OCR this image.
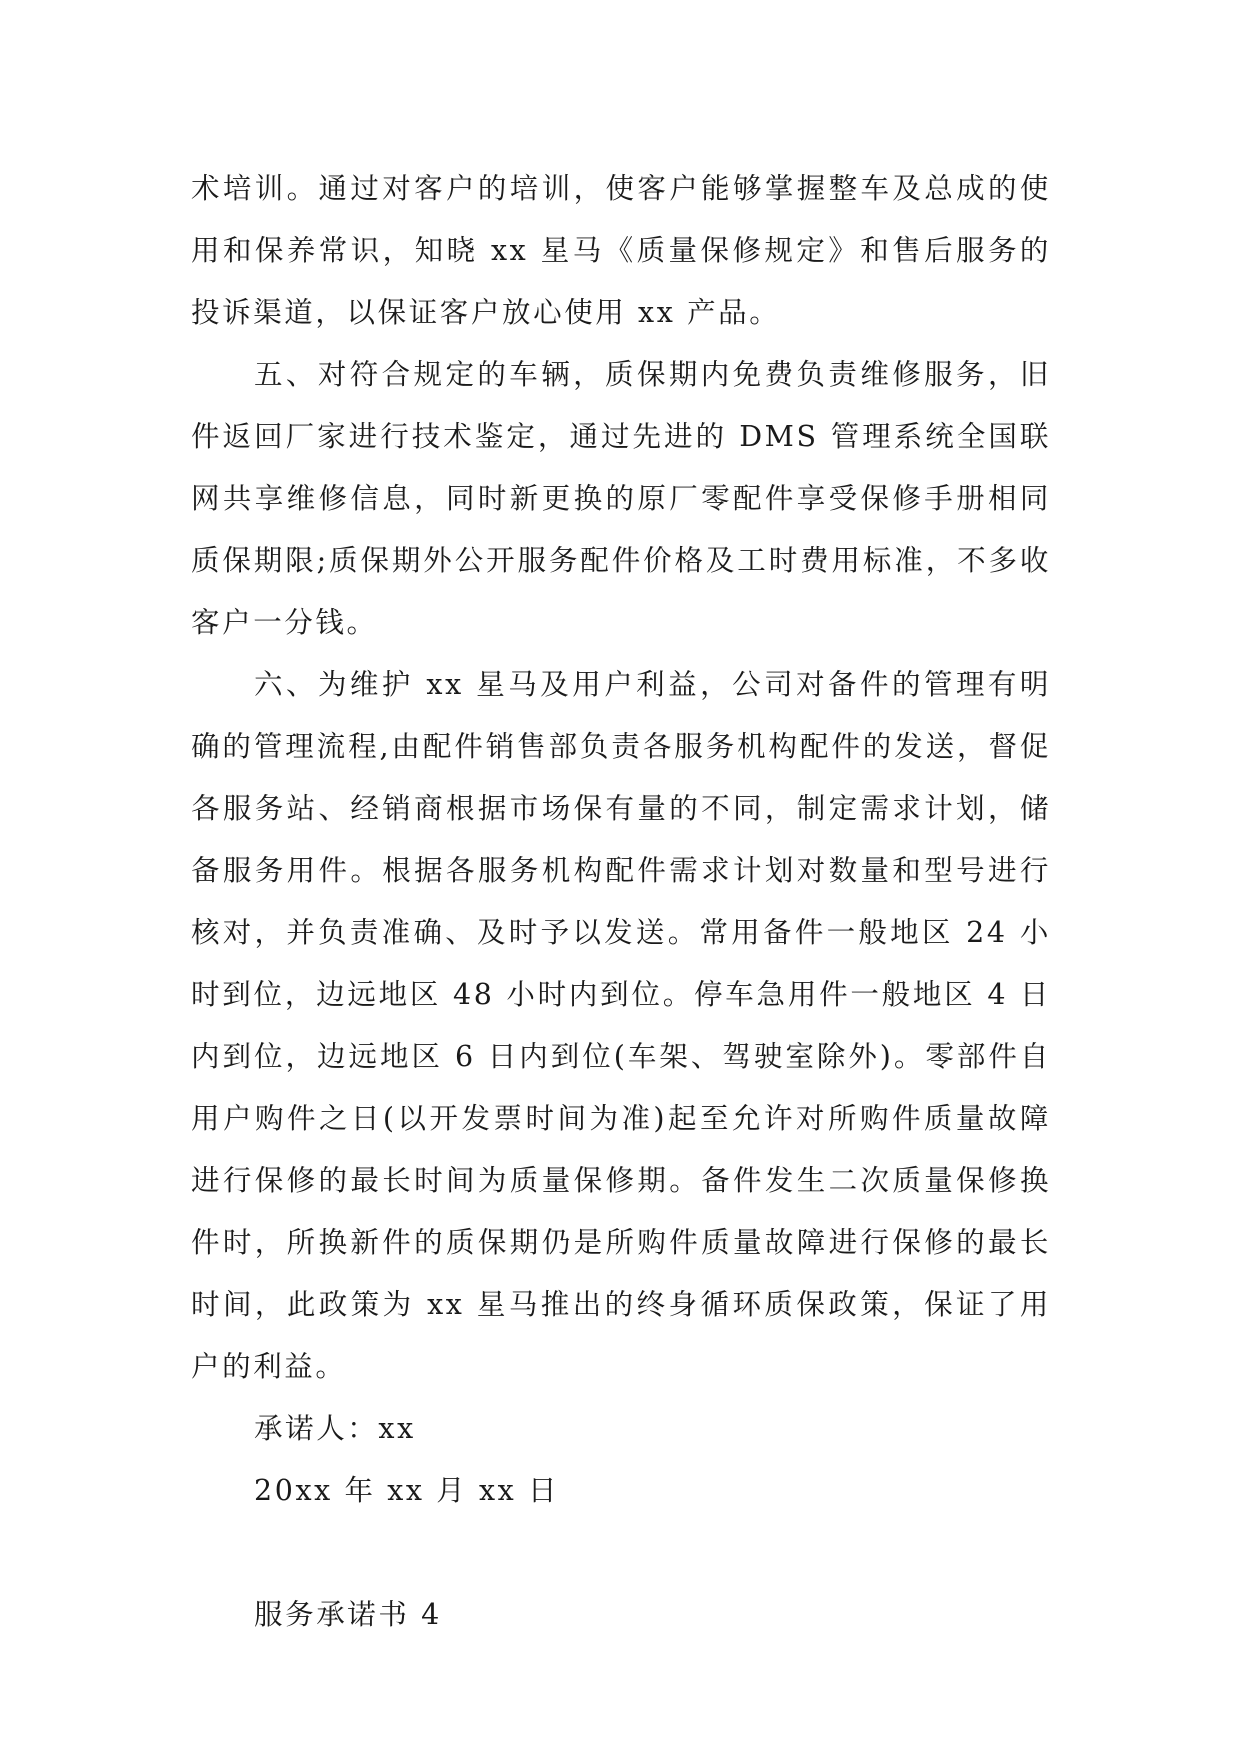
术培训。通过对客户的培训，使客户能够掌握整车及总成的使用和保养常识，知晓 xx 星马《质量保修规定》和售后服务的投诉渠道，以保证客户放心使用 xx 产品。

五、对符合规定的车辆，质保期内免费负责维修服务，旧件返回厂家进行技术鉴定，通过先进的 DMS 管理系统全国联网共享维修信息，同时新更换的原厂零配件享受保修手册相同质保期限;质保期外公开服务配件价格及工时费用标准，不多收客户一分钱。

六、为维护 xx 星马及用户利益，公司对备件的管理有明确的管理流程,由配件销售部负责各服务机构配件的发送，督促各服务站、经销商根据市场保有量的不同，制定需求计划，储备服务用件。根据各服务机构配件需求计划对数量和型号进行核对，并负责准确、及时予以发送。常用备件一般地区 24 小时到位，边远地区 48 小时内到位。停车急用件一般地区 4 日内到位，边远地区 6 日内到位(车架、驾驶室除外)。零部件自用户购件之日(以开发票时间为准)起至允许对所购件质量故障进行保修的最长时间为质量保修期。备件发生二次质量保修换件时，所换新件的质保期仍是所购件质量故障进行保修的最长时间，此政策为 xx 星马推出的终身循环质保政策，保证了用户的利益。

承诺人：xx

20xx 年 xx 月 xx 日

服务承诺书 4
